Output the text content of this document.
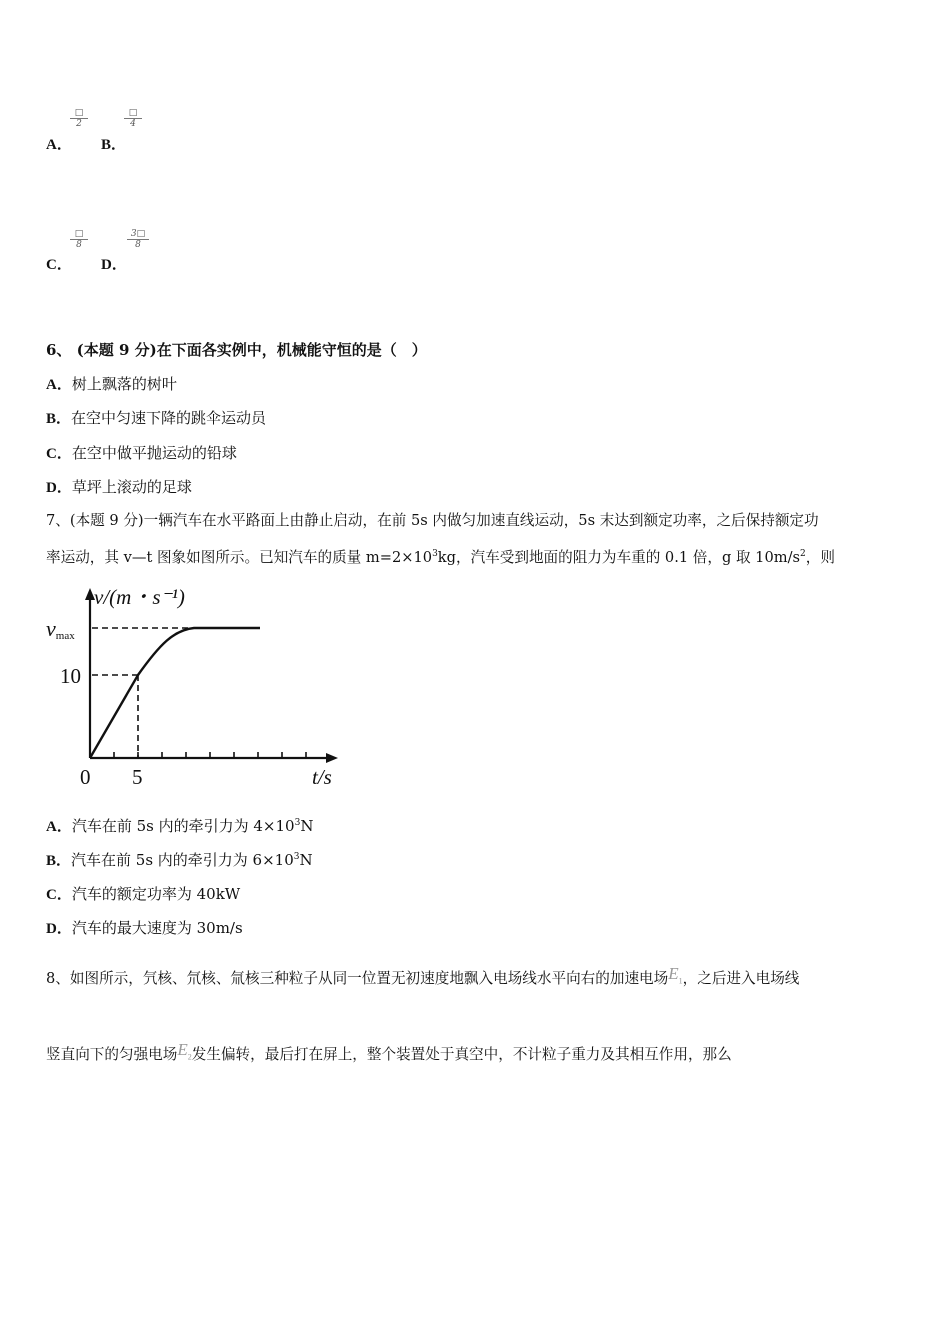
A．
□
2
B．
□
4
C．
□
8
D．
$\frac{3□}{8}$
6、 (本题 9 分)在下面各实例中，机械能守恒的是（　）
A．树上飘落的树叶
B．在空中匀速下降的跳伞运动员
C．在空中做平抛运动的铅球
D．草坪上滚动的足球
7、(本题 9 分)一辆汽车在水平路面上由静止启动，在前 5s 内做匀加速直线运动，5s 末达到额定功率，之后保持额定功
率运动，其 v—t 图象如图所示。已知汽车的质量 $m=2\times 10^3kg$，汽车受到地面的阻力为车重的 0.1 倍，g 取 $10m/s^2$，则
v/(m・s⁻¹)
t/s
0 5
10
vmax
A．汽车在前 5s 内的牵引力为 $4\times 10^3N$
B．汽车在前 5s 内的牵引力为 $6\times 10^3N$
C．汽车的额定功率为 40kW
D．汽车的最大速度为 30m/s
8、如图所示，氕核、氘核、氚核三种粒子从同一位置无初速度地飘入电场线水平向右的加速电场$E_1$，之后进入电场线
竖直向下的匀强电场$E_2$发生偏转，最后打在屏上，整个装置处于真空中，不计粒子重力及其相互作用，那么
